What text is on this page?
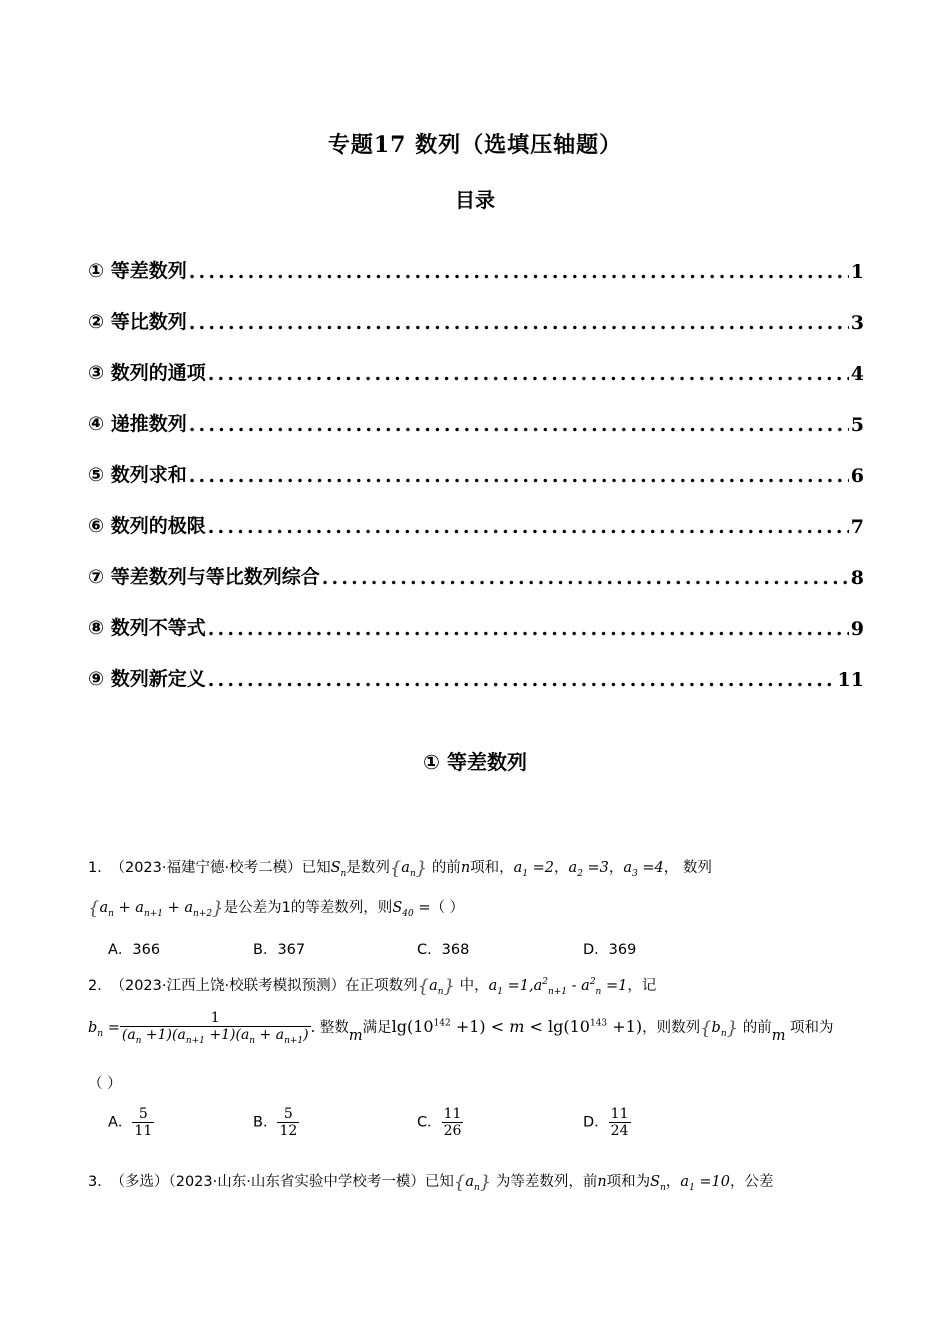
专题17 数列（选填压轴题）
目录
① 等差数列 .....	1
② 等比数列 .....	3
③ 数列的通项 .....	4
④ 递推数列 .....	5
⑤ 数列求和 .....	6
⑥ 数列的极限 .....	7
⑦ 等差数列与等比数列综合 .....	8
⑧ 数列不等式 .....	9
⑨ 数列新定义 .....	11
① 等差数列
1． （2023·福建宁德·校考二模）已知$S_n$是数列$\{a_n\}$ 的前n项和，$a_1 =2$，$a_2 =3$，$a_3 =4$， 数列
$\{a_n + a_{n+1} + a_{n+2}\}$是公差为1的等差数列，则$S_{40}$ =（ ）
A．366	B．367	C．368	D．369
2． （2023·江西上饶·校联考模拟预测）在正项数列$\{a_n\}$ 中，$a_1 =1,a^2_{n+1} - a^2_n =1$，记
$b_n = \frac{1}{(a_n +1)(a_{n+1} +1)(a_n + a_{n+1})}$ . 整数m满足$\lg(10^{142} +1) < m < \lg(10^{143} +1)$，则数列$\{b_n\}$ 的前m 项和为
（ ）
A． $\frac{5}{11}$	B． $\frac{5}{12}$	C． $\frac{11}{26}$	D． $\frac{11}{24}$
3． （多选）（2023·山东·山东省实验中学校考一模）已知$\{a_n\}$ 为等差数列，前n项和为$S_n$，$a_1 =10$，公差
